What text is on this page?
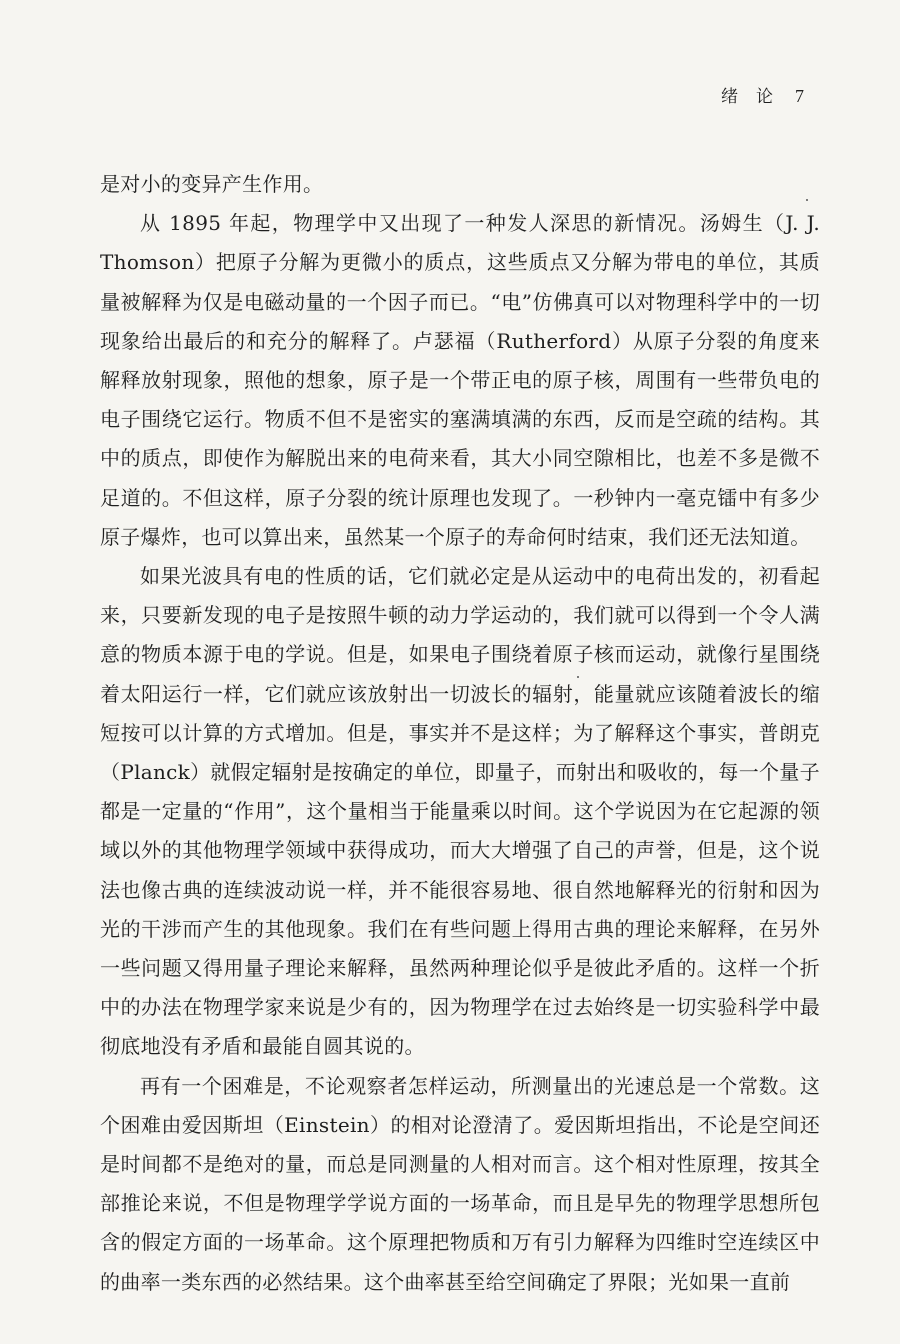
绪论 7

是对小的变异产生作用。

从 1895 年起，物理学中又出现了一种发人深思的新情况。汤姆生（J. J. Thomson）把原子分解为更微小的质点，这些质点又分解为带电的单位，其质量被解释为仅是电磁动量的一个因子而已。“电”仿佛真可以对物理科学中的一切现象给出最后的和充分的解释了。卢瑟福（Rutherford）从原子分裂的角度来解释放射现象，照他的想象，原子是一个带正电的原子核，周围有一些带负电的电子围绕它运行。物质不但不是密实的塞满填满的东西，反而是空疏的结构。其中的质点，即使作为解脱出来的电荷来看，其大小同空隙相比，也差不多是微不足道的。不但这样，原子分裂的统计原理也发现了。一秒钟内一毫克镭中有多少原子爆炸，也可以算出来，虽然某一个原子的寿命何时结束，我们还无法知道。

如果光波具有电的性质的话，它们就必定是从运动中的电荷出发的，初看起来，只要新发现的电子是按照牛顿的动力学运动的，我们就可以得到一个令人满意的物质本源于电的学说。但是，如果电子围绕着原子核而运动，就像行星围绕着太阳运行一样，它们就应该放射出一切波长的辐射，能量就应该随着波长的缩短按可以计算的方式增加。但是，事实并不是这样；为了解释这个事实，普朗克（Planck）就假定辐射是按确定的单位，即量子，而射出和吸收的，每一个量子都是一定量的“作用”，这个量相当于能量乘以时间。这个学说因为在它起源的领域以外的其他物理学领域中获得成功，而大大增强了自己的声誉，但是，这个说法也像古典的连续波动说一样，并不能很容易地、很自然地解释光的衍射和因为光的干涉而产生的其他现象。我们在有些问题上得用古典的理论来解释，在另外一些问题又得用量子理论来解释，虽然两种理论似乎是彼此矛盾的。这样一个折中的办法在物理学家来说是少有的，因为物理学在过去始终是一切实验科学中最彻底地没有矛盾和最能自圆其说的。

再有一个困难是，不论观察者怎样运动，所测量出的光速总是一个常数。这个困难由爱因斯坦（Einstein）的相对论澄清了。爱因斯坦指出，不论是空间还是时间都不是绝对的量，而总是同测量的人相对而言。这个相对性原理，按其全部推论来说，不但是物理学学说方面的一场革命，而且是早先的物理学思想所包含的假定方面的一场革命。这个原理把物质和万有引力解释为四维时空连续区中的曲率一类东西的必然结果。这个曲率甚至给空间确定了界限；光如果一直前
